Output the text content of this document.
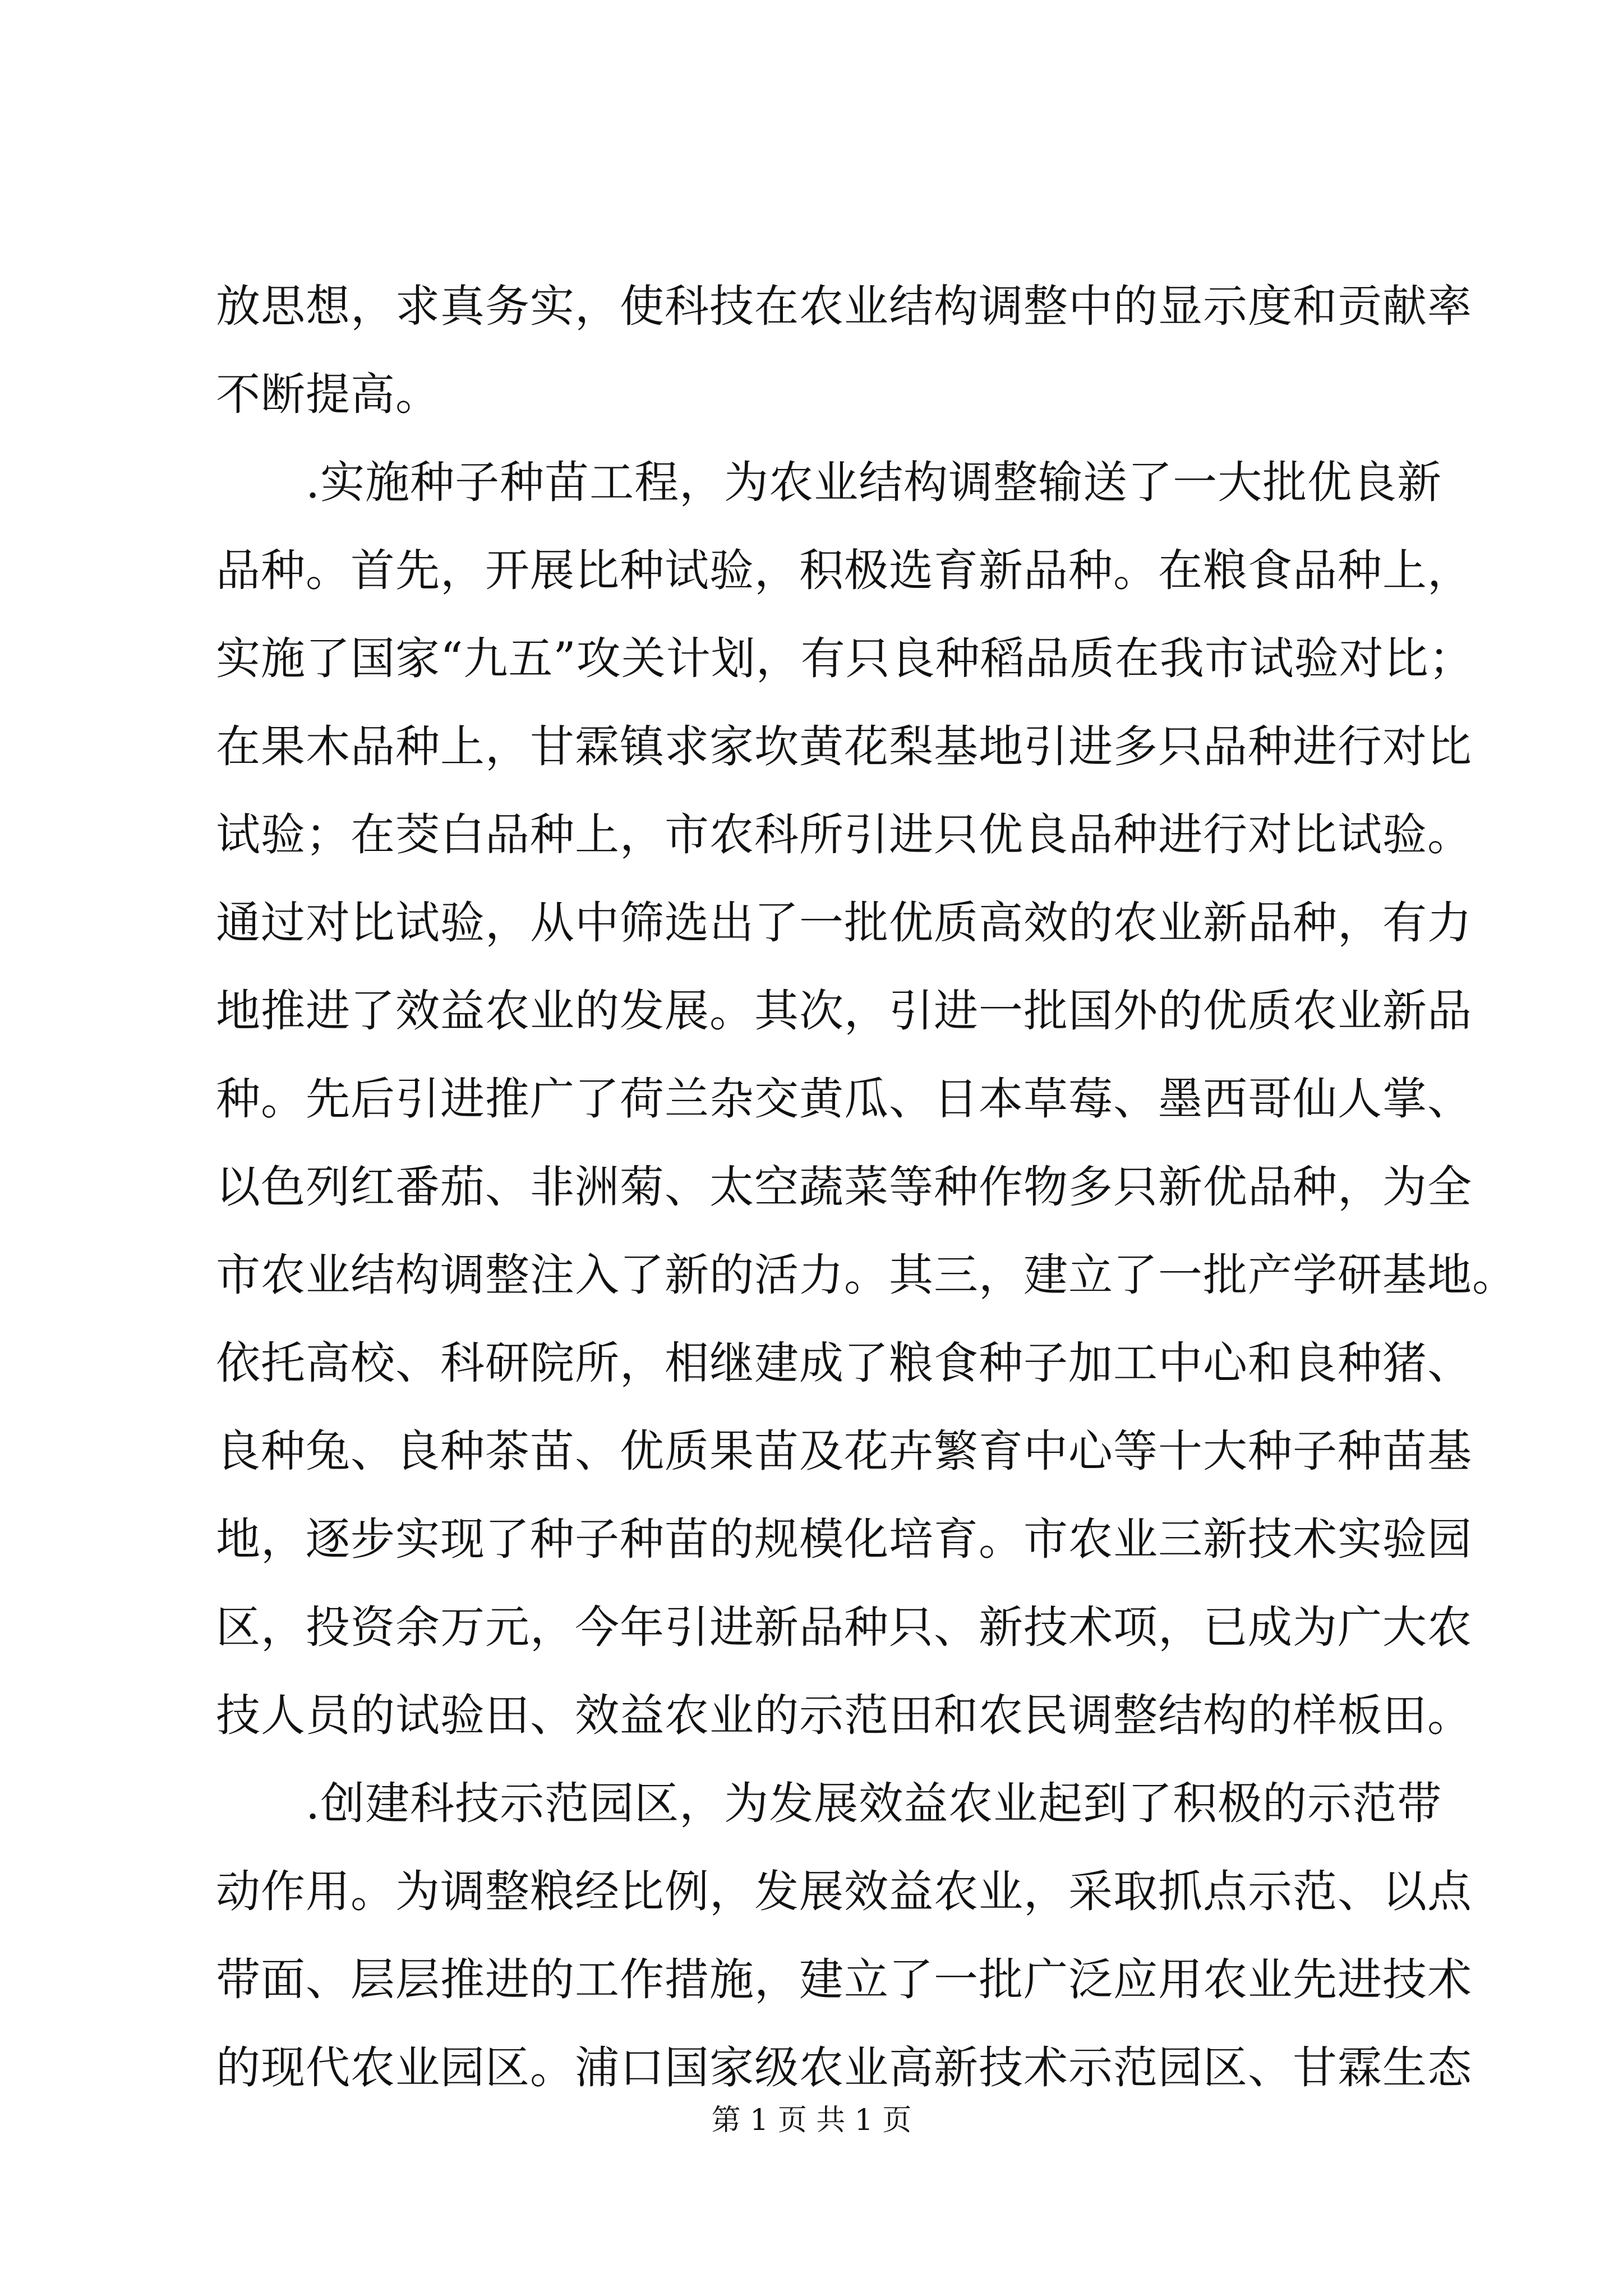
放思想，求真务实，使科技在农业结构调整中的显示度和贡献率
不断提高。
　　.实施种子种苗工程，为农业结构调整输送了一大批优良新
品种。首先，开展比种试验，积极选育新品种。在粮食品种上，
实施了国家“九五”攻关计划，有只良种稻品质在我市试验对比；
在果木品种上，甘霖镇求家坎黄花梨基地引进多只品种进行对比
试验；在茭白品种上，市农科所引进只优良品种进行对比试验。
通过对比试验，从中筛选出了一批优质高效的农业新品种，有力
地推进了效益农业的发展。其次，引进一批国外的优质农业新品
种。先后引进推广了荷兰杂交黄瓜、日本草莓、墨西哥仙人掌、
以色列红番茄、非洲菊、太空蔬菜等种作物多只新优品种，为全
市农业结构调整注入了新的活力。其三，建立了一批产学研基地。
依托高校、科研院所，相继建成了粮食种子加工中心和良种猪、
良种兔、良种茶苗、优质果苗及花卉繁育中心等十大种子种苗基
地，逐步实现了种子种苗的规模化培育。市农业三新技术实验园
区，投资余万元，今年引进新品种只、新技术项，已成为广大农
技人员的试验田、效益农业的示范田和农民调整结构的样板田。
　　.创建科技示范园区，为发展效益农业起到了积极的示范带
动作用。为调整粮经比例，发展效益农业，采取抓点示范、以点
带面、层层推进的工作措施，建立了一批广泛应用农业先进技术
的现代农业园区。浦口国家级农业高新技术示范园区、甘霖生态
第 1 页 共 1 页
